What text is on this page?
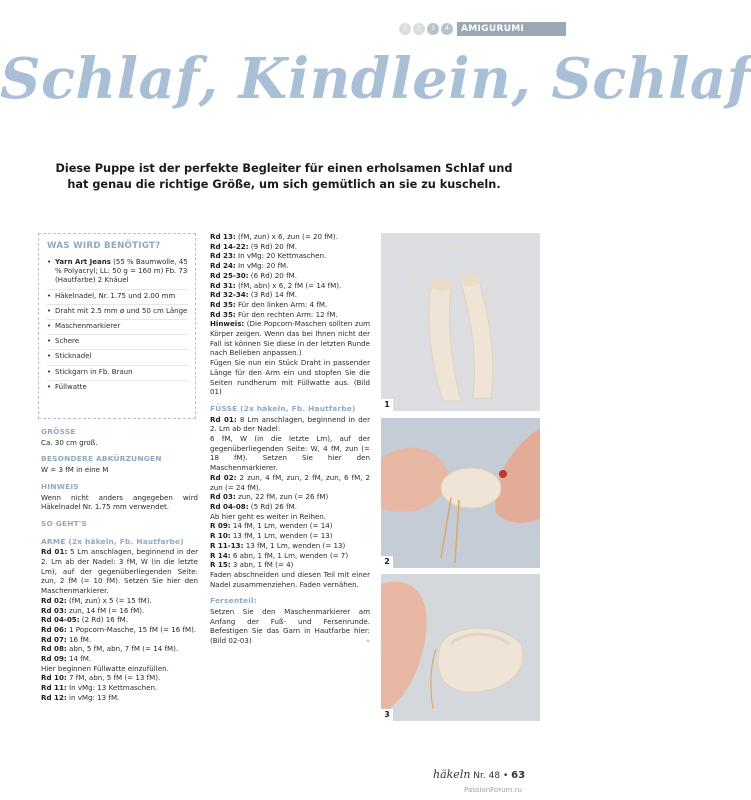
1	2	3	4	AMIGURUMI
Schlaf, Kindlein, Schlaf

Diese Puppe ist der perfekte Begleiter für einen erholsamen Schlaf und hat genau die richtige Größe, um sich gemütlich an sie zu kuscheln.

WAS WIRD BENÖTIGT?
• Yarn Art Jeans (55 % Baumwolle, 45 % Polyacryl; LL: 50 g = 160 m) Fb. 73 (Hautfarbe) 2 Knäuel
• Häkelnadel, Nr. 1.75 und 2.00 mm
• Draht mit 2.5 mm ø und 50 cm Länge
• Maschenmarkierer
• Schere
• Sticknadel
• Stickgarn in Fb. Braun
• Füllwatte
GRÖSSE

Ca. 30 cm groß.

BESONDERE ABKÜRZUNGEN

W = 3 fM in eine M

HINWEIS

Wenn nicht anders angegeben wird Häkelnadel Nr. 1.75 mm verwendet.

SO GEHT'S
ARME (2x häkeln, Fb. Hautfarbe)

Rd 01: 5 Lm anschlagen, beginnend in der 2. Lm ab der Nadel: 3 fM, W (in die letzte Lm), auf der gegenüberliegenden Seite: zun, 2 fM (= 10 fM). Setzen Sie hier den Maschenmarkierer.

Rd 02: (fM, zun) x 5 (= 15 fM).

Rd 03: zun, 14 fM (= 16 fM).

Rd 04-05: (2 Rd) 16 fM.

Rd 06: 1 Popcorn-Masche, 15 fM (= 16 fM).

Rd 07: 16 fM.

Rd 08: abn, 5 fM, abn, 7 fM (= 14 fM).

Rd 09: 14 fM.

Hier beginnen Füllwatte einzufüllen.

Rd 10: 7 fM, abn, 5 fM (= 13 fM).

Rd 11: In vMg: 13 Kettmaschen.

Rd 12: in vMg: 13 fM.

Rd 13: (fM, zun) x 6, zun (= 20 fM).

Rd 14-22: (9 Rd) 20 fM.

Rd 23: In vMg: 20 Kettmaschen.

Rd 24: In vMg: 20 fM.

Rd 25-30: (6 Rd) 20 fM.

Rd 31: (fM, abn) x 6, 2 fM (= 14 fM).

Rd 32-34: (3 Rd) 14 fM.

Rd 35: Für den linken Arm: 4 fM.

Rd 35: Für den rechten Arm: 12 fM.

Hinweis: (Die Popcorn-Maschen sollten zum Körper zeigen. Wenn das bei Ihnen nicht der Fall ist können Sie diese in der letzten Runde nach Belieben anpassen.)

Fügen Sie nun ein Stück Draht in passender Länge für den Arm ein und stopfen Sie die Seiten rundherum mit Füllwatte aus. (Bild 01)

FÜSSE (2x häkeln, Fb. Hautfarbe)

Rd 01: 8 Lm anschlagen, beginnend in der 2. Lm ab der Nadel:

6 fM, W (in die letzte Lm), auf der gegenüberliegenden Seite: W, 4 fM, zun (= 18 fM). Setzen Sie hier den Maschenmarkierer.

Rd 02: 2 zun, 4 fM, zun, 2 fM, zun, 6 fM, 2 zun (= 24 fM).

Rd 03: zun, 22 fM, zun (= 26 fM)

Rd 04-08: (5 Rd) 26 fM.

Ab hier geht es weiter in Reihen.

R 09: 14 fM, 1 Lm, wenden (= 14)

R 10: 13 fM, 1 Lm, wenden (= 13)

R 11-13: 13 fM, 1 Lm, wenden (= 13)

R 14: 6 abn, 1 fM, 1 Lm, wenden (= 7)

R 15: 3 abn, 1 fM (= 4)

Faden abschneiden und diesen Teil mit einer Nadel zusammenziehen. Faden vernähen.

Fersenteil:

Setzen Sie den Maschenmarkierer am Anfang der Fuß- und Fersenrunde. Befestigen Sie das Garn in Hautfarbe hier: (Bild 02-03)	»

1
2
3
häkeln Nr. 48 • 63
PassionForum.ru
